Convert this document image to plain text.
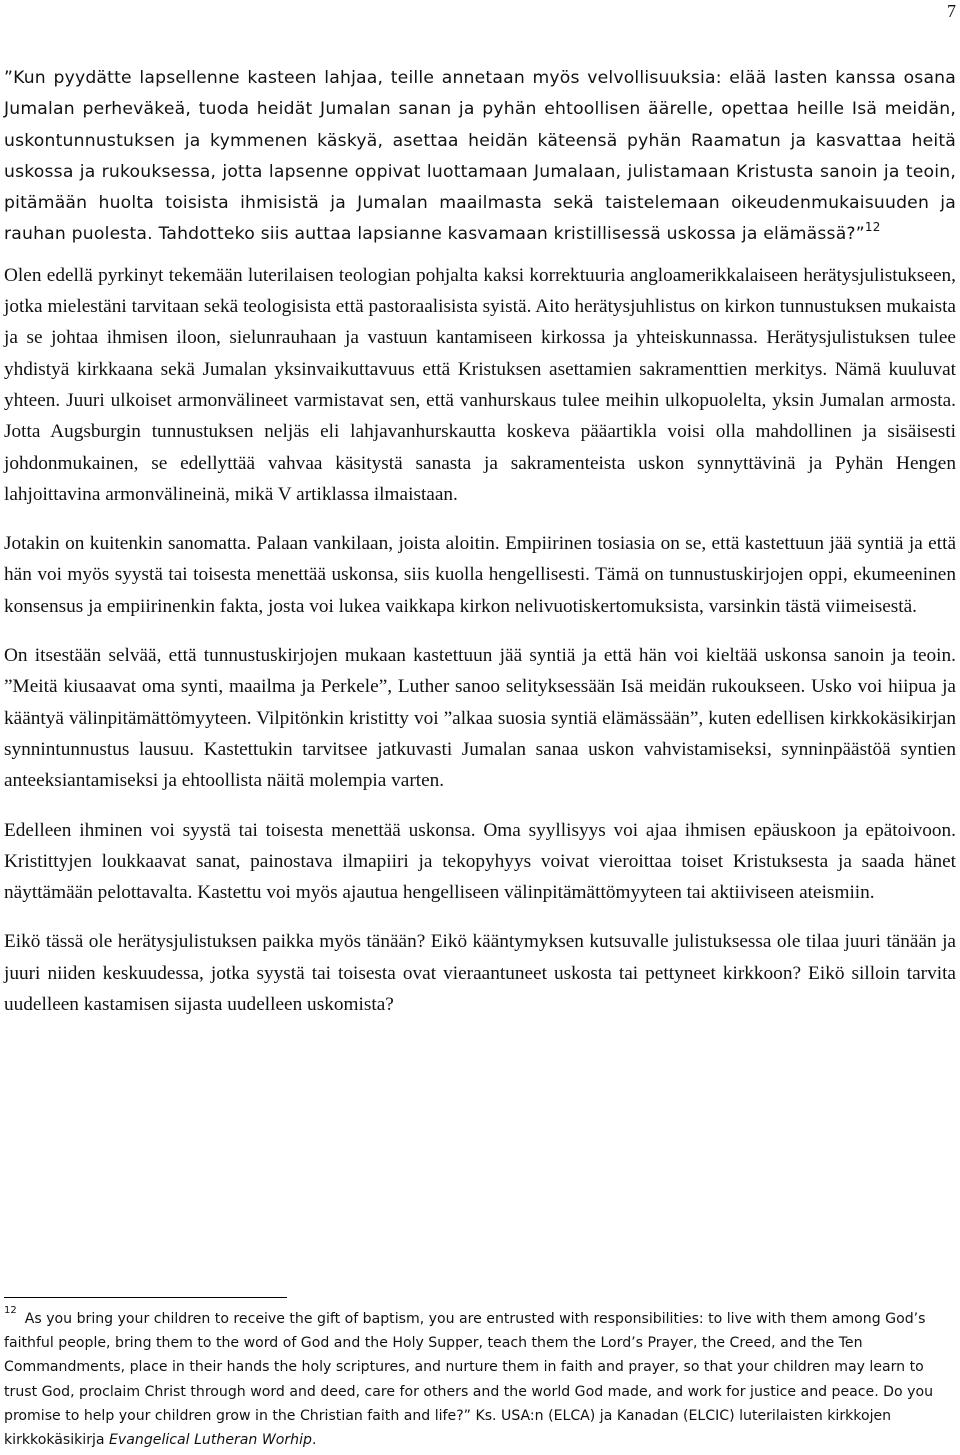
7

”Kun pyydätte lapsellenne kasteen lahjaa, teille annetaan myös velvollisuuksia: elää lasten kanssa osana Jumalan perheväkeä, tuoda heidät Jumalan sanan ja pyhän ehtoollisen äärelle, opettaa heille Isä meidän, uskontunnustuksen ja kymmenen käskyä, asettaa heidän käteensä pyhän Raamatun ja kasvattaa heitä uskossa ja rukouksessa, jotta lapsenne oppivat luottamaan Jumalaan, julistamaan Kristusta sanoin ja teoin, pitämään huolta toisista ihmisistä ja Jumalan maailmasta sekä taistelemaan oikeudenmukaisuuden ja rauhan puolesta. Tahdotteko siis auttaa lapsianne kasvamaan kristillisessä uskossa ja elämässä?”$^{12}$

Olen edellä pyrkinyt tekemään luterilaisen teologian pohjalta kaksi korrektuuria angloamerikkalaiseen herätysjulistukseen, jotka mielestäni tarvitaan sekä teologisista että pastoraalisista syistä. Aito herätysjuhlistus on kirkon tunnustuksen mukaista ja se johtaa ihmisen iloon, sielunrauhaan ja vastuun kantamiseen kirkossa ja yhteiskunnassa. Herätysjulistuksen tulee yhdistyä kirkkaana sekä Jumalan yksinvaikuttavuus että Kristuksen asettamien sakramenttien merkitys. Nämä kuuluvat yhteen. Juuri ulkoiset armonvälineet varmistavat sen, että vanhurskaus tulee meihin ulkopuolelta, yksin Jumalan armosta. Jotta Augsburgin tunnustuksen neljäs eli lahjavanhurskautta koskeva pääartikla voisi olla mahdollinen ja sisäisesti johdonmukainen, se edellyttää vahvaa käsitystä sanasta ja sakramenteista uskon synnyttävinä ja Pyhän Hengen lahjoittavina armonvälineinä, mikä V artiklassa ilmaistaan.

Jotakin on kuitenkin sanomatta. Palaan vankilaan, joista aloitin. Empiirinen tosiasia on se, että kastettuun jää syntiä ja että hän voi myös syystä tai toisesta menettää uskonsa, siis kuolla hengellisesti. Tämä on tunnustuskirjojen oppi, ekumeeninen konsensus ja empiirinenkin fakta, josta voi lukea vaikkapa kirkon nelivuotiskertomuksista, varsinkin tästä viimeisestä.

On itsestään selvää, että tunnustuskirjojen mukaan kastettuun jää syntiä ja että hän voi kieltää uskonsa sanoin ja teoin. ”Meitä kiusaavat oma synti, maailma ja Perkele”, Luther sanoo selityksessään Isä meidän rukoukseen. Usko voi hiipua ja kääntyä välinpitämättömyyteen. Vilpitönkin kristitty voi ”alkaa suosia syntiä elämässään”, kuten edellisen kirkkokäsikirjan synnintunnustus lausuu. Kastettukin tarvitsee jatkuvasti Jumalan sanaa uskon vahvistamiseksi, synninpäästöä syntien anteeksiantamiseksi ja ehtoollista näitä molempia varten.

Edelleen ihminen voi syystä tai toisesta menettää uskonsa. Oma syyllisyys voi ajaa ihmisen epäuskoon ja epätoivoon. Kristittyjen loukkaavat sanat, painostava ilmapiiri ja tekopyhyys voivat vieroittaa toiset Kristuksesta ja saada hänet näyttämään pelottavalta. Kastettu voi myös ajautua hengelliseen välinpitämättömyyteen tai aktiiviseen ateismiin.

Eikö tässä ole herätysjulistuksen paikka myös tänään? Eikö kääntymyksen kutsuvalle julistuksessa ole tilaa juuri tänään ja juuri niiden keskuudessa, jotka syystä tai toisesta ovat vieraantuneet uskosta tai pettyneet kirkkoon? Eikö silloin tarvita uudelleen kastamisen sijasta uudelleen uskomista?

$^{12}$As you bring your children to receive the gift of baptism, you are entrusted with responsibilities: to live with them among God’s faithful people, bring them to the word of God and the Holy Supper, teach them the Lord’s Prayer, the Creed, and the Ten Commandments, place in their hands the holy scriptures, and nurture them in faith and prayer, so that your children may learn to trust God, proclaim Christ through word and deed, care for others and the world God made, and work for justice and peace. Do you promise to help your children grow in the Christian faith and life?” Ks. USA:n (ELCA) ja Kanadan (ELCIC) luterilaisten kirkkojen kirkkokäsikirja Evangelical Lutheran Worhip.
